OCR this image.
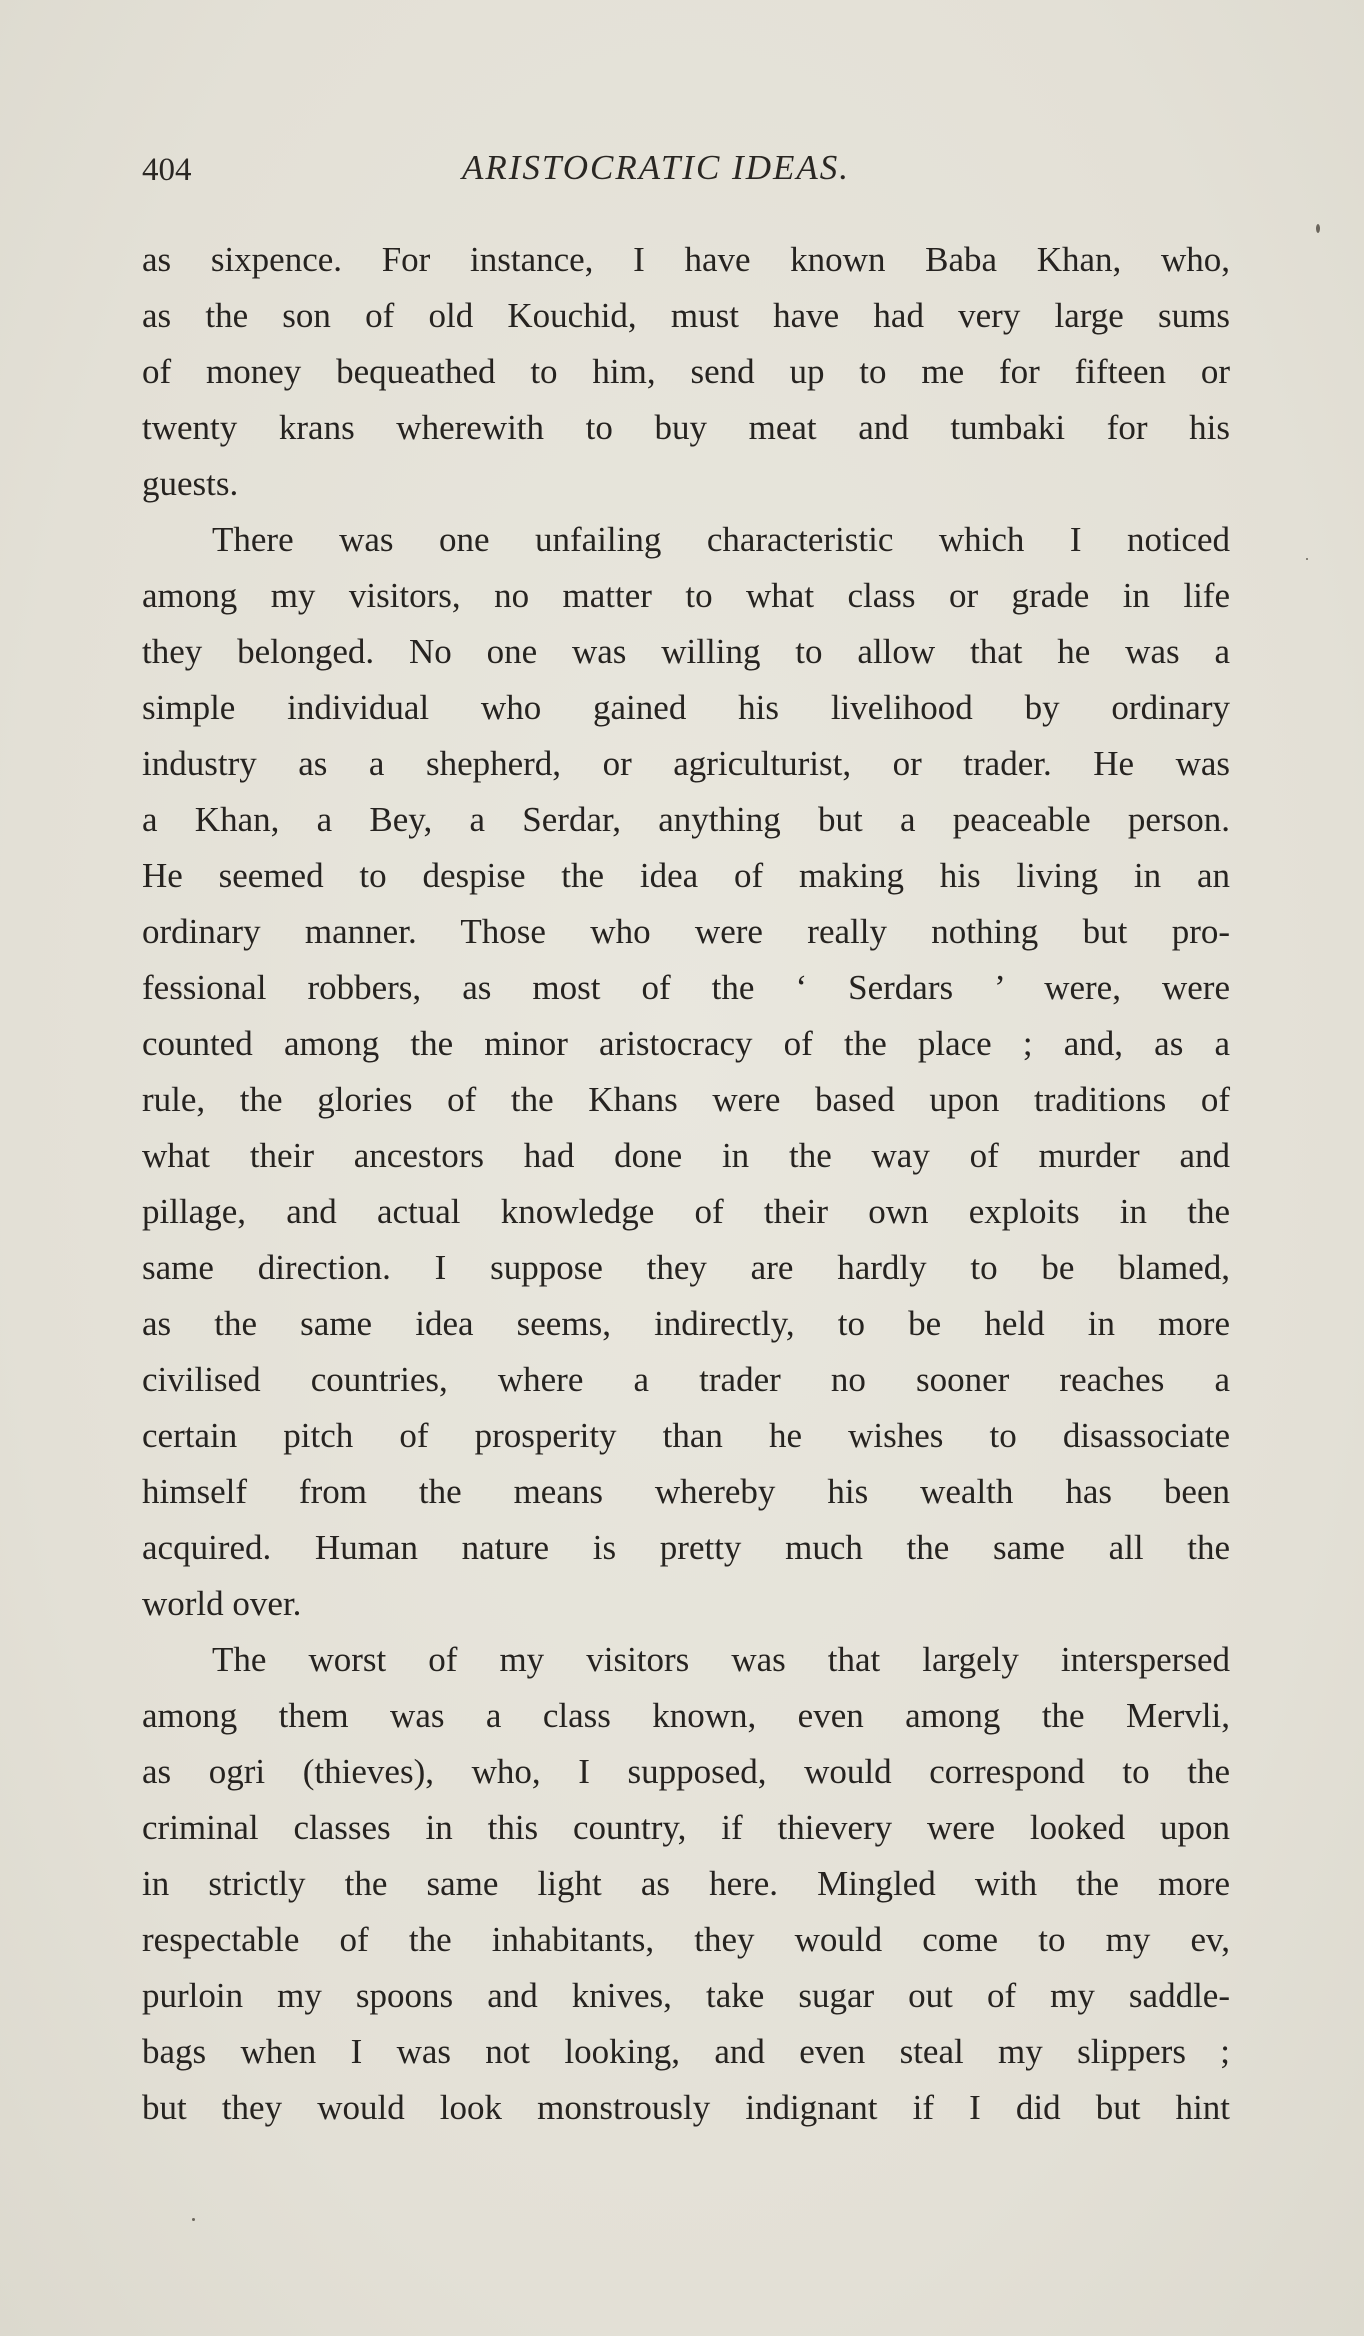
404	ARISTOCRATIC IDEAS.
as sixpence. For instance, I have known Baba Khan, who,
as the son of old Kouchid, must have had very large sums
of money bequeathed to him, send up to me for fifteen or
twenty krans wherewith to buy meat and tumbaki for his
guests.
There was one unfailing characteristic which I noticed
among my visitors, no matter to what class or grade in life
they belonged. No one was willing to allow that he was a
simple individual who gained his livelihood by ordinary
industry as a shepherd, or agriculturist, or trader. He was
a Khan, a Bey, a Serdar, anything but a peaceable person.
He seemed to despise the idea of making his living in an
ordinary manner. Those who were really nothing but pro-
fessional robbers, as most of the ‘ Serdars ’ were, were
counted among the minor aristocracy of the place ; and, as a
rule, the glories of the Khans were based upon traditions of
what their ancestors had done in the way of murder and
pillage, and actual knowledge of their own exploits in the
same direction. I suppose they are hardly to be blamed,
as the same idea seems, indirectly, to be held in more
civilised countries, where a trader no sooner reaches a
certain pitch of prosperity than he wishes to disassociate
himself from the means whereby his wealth has been
acquired. Human nature is pretty much the same all the
world over.
The worst of my visitors was that largely interspersed
among them was a class known, even among the Mervli,
as ogri (thieves), who, I supposed, would correspond to the
criminal classes in this country, if thievery were looked upon
in strictly the same light as here. Mingled with the more
respectable of the inhabitants, they would come to my ev,
purloin my spoons and knives, take sugar out of my saddle-
bags when I was not looking, and even steal my slippers ;
but they would look monstrously indignant if I did but hint
